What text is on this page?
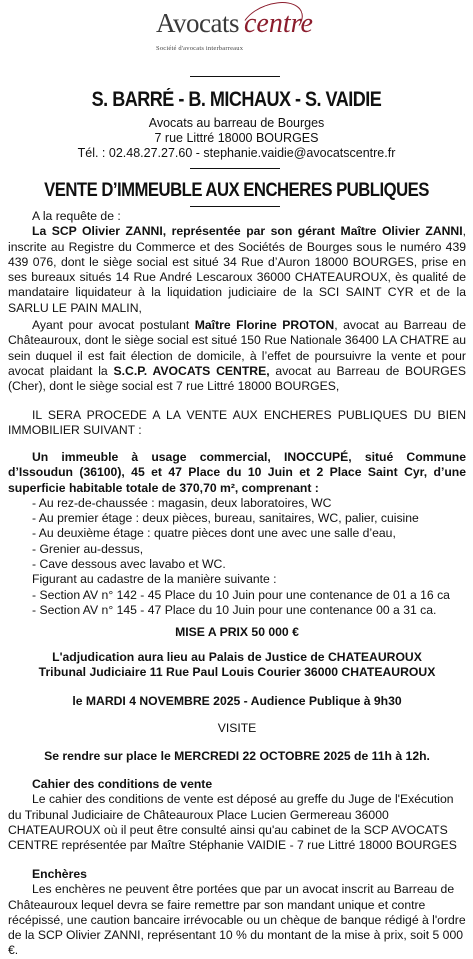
Avocats centre
Société d'avocats interbarreaux
S. BARRÉ - B. MICHAUX - S. VAIDIE
Avocats au barreau de Bourges
7 rue Littré 18000 BOURGES
Tél. : 02.48.27.27.60 - stephanie.vaidie@avocatscentre.fr
VENTE D’IMMEUBLE AUX ENCHERES PUBLIQUES
A la requête de :
La SCP Olivier ZANNI, représentée par son gérant Maître Olivier ZANNI, inscrite au Registre du Commerce et des Sociétés de Bourges sous le numéro 439 439 076, dont le siège social est situé 34 Rue d’Auron 18000 BOURGES, prise en ses bureaux situés 14 Rue André Lescaroux 36000 CHATEAUROUX, ès qualité de mandataire liquidateur à la liquidation judiciaire de la SCI SAINT CYR et de la SARLU LE PAIN MALIN,
Ayant pour avocat postulant Maître Florine PROTON, avocat au Barreau de Châteauroux, dont le siège social est situé 150 Rue Nationale 36400 LA CHATRE au sein duquel il est fait élection de domicile, à l’effet de poursuivre la vente et pour avocat plaidant la S.C.P. AVOCATS CENTRE, avocat au Barreau de BOURGES (Cher), dont le siège social est 7 rue Littré 18000 BOURGES,
IL SERA PROCEDE A LA VENTE AUX ENCHERES PUBLIQUES DU BIEN IMMOBILIER SUIVANT :
Un immeuble à usage commercial, INOCCUPÉ, situé Commune d’Issoudun (36100), 45 et 47 Place du 10 Juin et 2 Place Saint Cyr, d’une superficie habitable totale de 370,70 m², comprenant :
- Au rez-de-chaussée : magasin, deux laboratoires, WC
- Au premier étage : deux pièces, bureau, sanitaires, WC, palier, cuisine
- Au deuxième étage : quatre pièces dont une avec une salle d’eau,
- Grenier au-dessus,
- Cave dessous avec lavabo et WC.
Figurant au cadastre de la manière suivante :
- Section AV n° 142 - 45 Place du 10 Juin pour une contenance de 01 a 16 ca
- Section AV n° 145 - 47 Place du 10 Juin pour une contenance 00 a 31 ca.
MISE A PRIX 50 000 €
L'adjudication aura lieu au Palais de Justice de CHATEAUROUX
Tribunal Judiciaire 11 Rue Paul Louis Courier 36000 CHATEAUROUX
le MARDI 4 NOVEMBRE 2025 - Audience Publique à 9h30
VISITE
Se rendre sur place le MERCREDI 22 OCTOBRE 2025 de 11h à 12h.
Cahier des conditions de vente
Le cahier des conditions de vente est déposé au greffe du Juge de l'Exécution du Tribunal Judiciaire de Châteauroux Place Lucien Germereau 36000 CHATEAUROUX où il peut être consulté ainsi qu'au cabinet de la SCP AVOCATS CENTRE représentée par Maître Stéphanie VAIDIE - 7 rue Littré 18000 BOURGES
Enchères
Les enchères ne peuvent être portées que par un avocat inscrit au Barreau de Châteauroux lequel devra se faire remettre par son mandant unique et contre récépissé, une caution bancaire irrévocable ou un chèque de banque rédigé à l'ordre de la SCP Olivier ZANNI, représentant 10 % du montant de la mise à prix, soit 5 000 €.
